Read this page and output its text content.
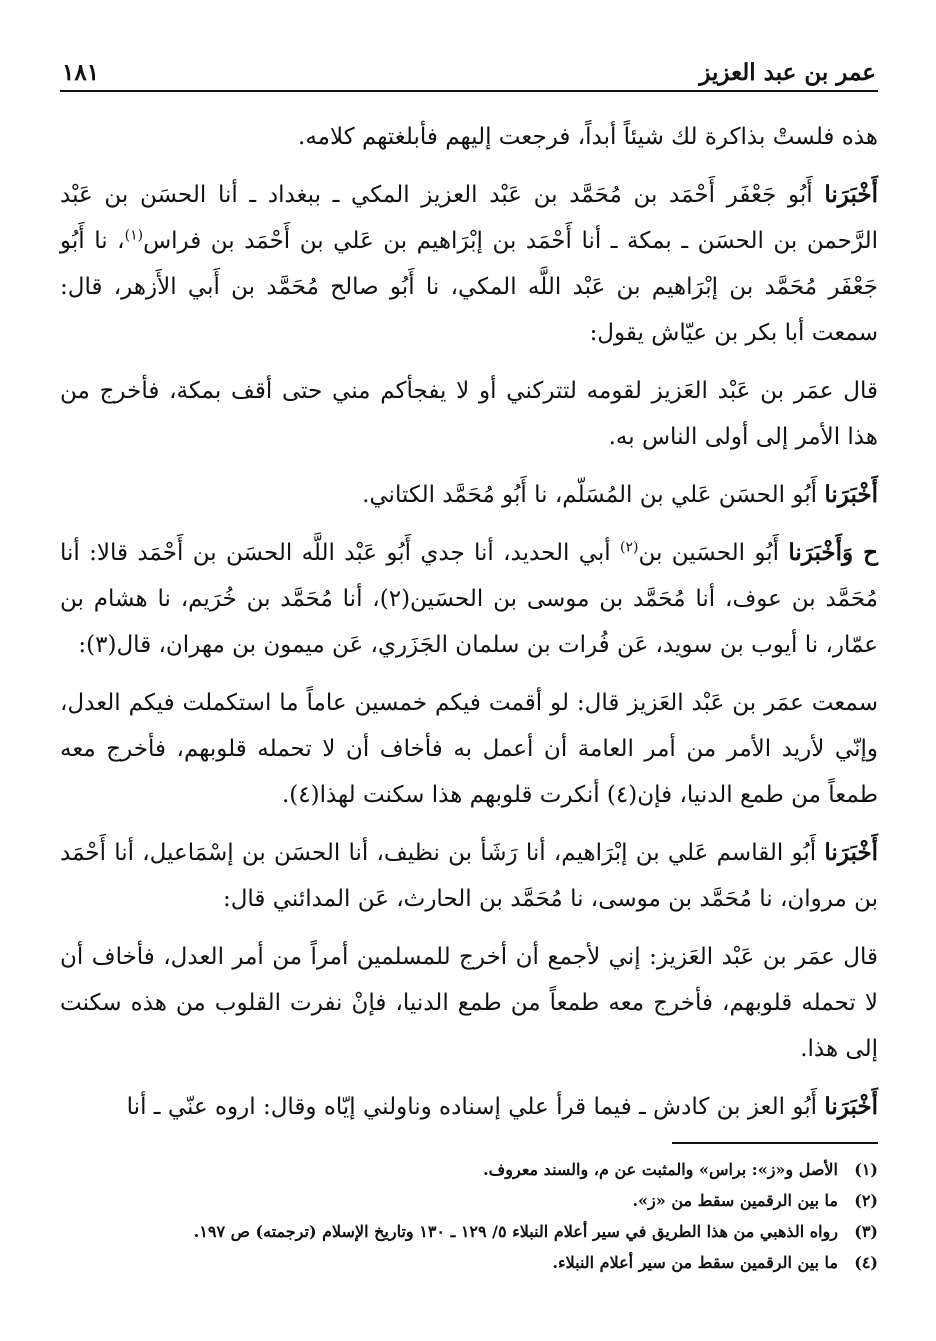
عمر بن عبد العزيز
١٨١

هذه فلستْ بذاكرة لك شيئاً أبداً، فرجعت إليهم فأبلغتهم كلامه.

أَخْبَرَنا أَبُو جَعْفَر أَحْمَد بن مُحَمَّد بن عَبْد العزيز المكي ـ ببغداد ـ أنا الحسَن بن عَبْد الرَّحمن بن الحسَن ـ بمكة ـ أنا أَحْمَد بن إبْرَاهيم بن عَلي بن أَحْمَد بن فراس$^{(١)}$، نا أَبُو جَعْفَر مُحَمَّد بن إبْرَاهيم بن عَبْد اللَّه المكي، نا أَبُو صالح مُحَمَّد بن أَبي الأَزهر، قال: سمعت أبا بكر بن عيّاش يقول:

قال عمَر بن عَبْد العَزيز لقومه لتتركني أو لا يفجأكم مني حتى أقف بمكة، فأخرج من هذا الأمر إلى أولى الناس به.

أَخْبَرَنا أَبُو الحسَن عَلي بن المُسَلّم، نا أَبُو مُحَمَّد الكتاني.

ح وَأَخْبَرَنا أَبُو الحسَين بن$^{(٢)}$ أبي الحديد، أنا جدي أَبُو عَبْد اللَّه الحسَن بن أَحْمَد قالا: أنا مُحَمَّد بن عوف، أنا مُحَمَّد بن موسى بن الحسَين(٢)، أنا مُحَمَّد بن خُرَيم، نا هشام بن عمّار، نا أيوب بن سويد، عَن فُرات بن سلمان الجَزَري، عَن ميمون بن مهران، قال(٣):

سمعت عمَر بن عَبْد العَزيز قال: لو أقمت فيكم خمسين عاماً ما استكملت فيكم العدل، وإنّي لأريد الأمر من أمر العامة أن أعمل به فأخاف أن لا تحمله قلوبهم، فأخرج معه طمعاً من طمع الدنيا، فإن(٤) أنكرت قلوبهم هذا سكنت لهذا(٤).

أَخْبَرَنا أَبُو القاسم عَلي بن إبْرَاهيم، أنا رَشَأ بن نظيف، أنا الحسَن بن إسْمَاعيل، أنا أَحْمَد بن مروان، نا مُحَمَّد بن موسى، نا مُحَمَّد بن الحارث، عَن المدائني قال:

قال عمَر بن عَبْد العَزيز: إني لأجمع أن أخرج للمسلمين أمراً من أمر العدل، فأخاف أن لا تحمله قلوبهم، فأخرج معه طمعاً من طمع الدنيا، فإنْ نفرت القلوب من هذه سكنت إلى هذا.

أَخْبَرَنا أَبُو العز بن كادش ـ فيما قرأ علي إسناده وناولني إيّاه وقال: اروه عنّي ـ أنا

(١)
الأصل و«ز»: براس» والمثبت عن م، والسند معروف.
(٢)
ما بين الرقمين سقط من «ز».
(٣)
رواه الذهبي من هذا الطريق في سير أعلام النبلاء ٥/ ١٢٩ ـ ١٣٠ وتاريخ الإسلام (ترجمته) ص ١٩٧.
(٤)
ما بين الرقمين سقط من سير أعلام النبلاء.
